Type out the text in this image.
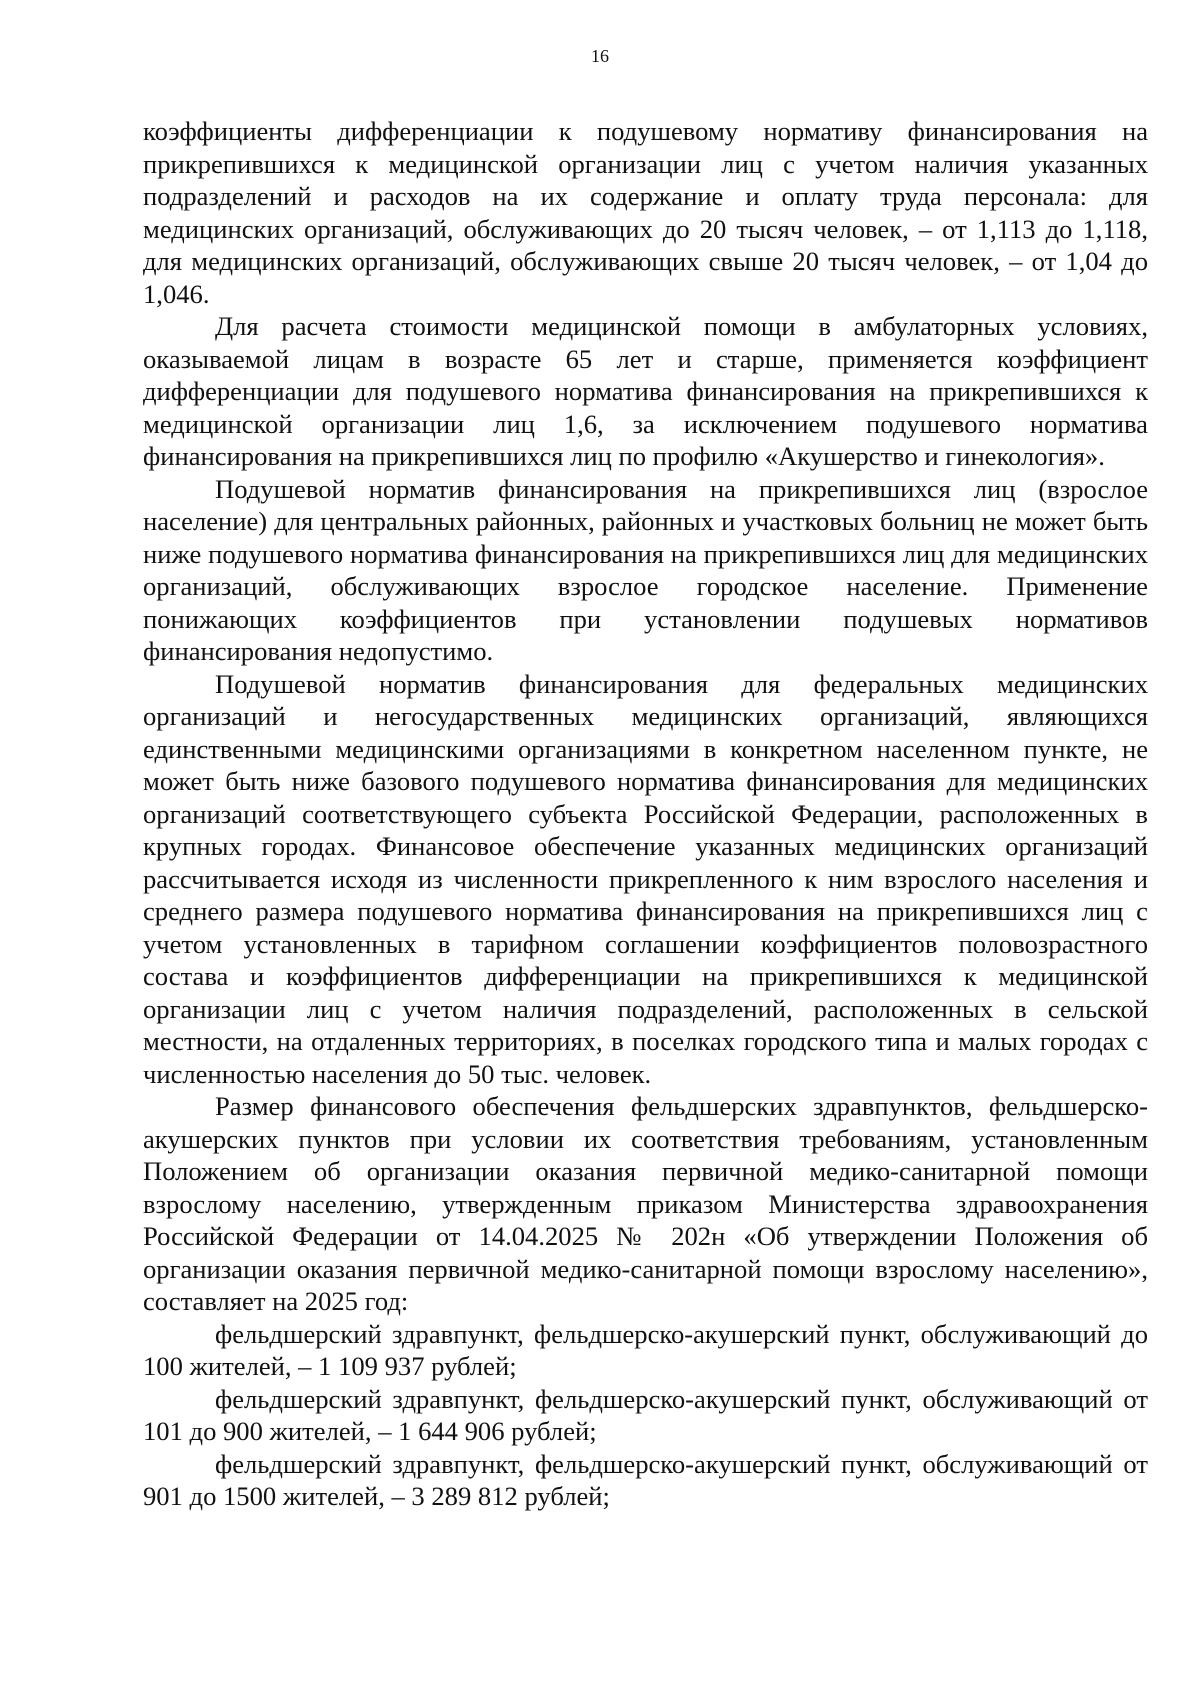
16

коэффициенты дифференциации к подушевому нормативу финансирования на прикрепившихся к медицинской организации лиц с учетом наличия указанных подразделений и расходов на их содержание и оплату труда персонала: для медицинских организаций, обслуживающих до 20 тысяч человек, – от 1,113 до 1,118, для медицинских организаций, обслуживающих свыше 20 тысяч человек, – от 1,04 до 1,046.

Для расчета стоимости медицинской помощи в амбулаторных условиях, оказываемой лицам в возрасте 65 лет и старше, применяется коэффициент дифференциации для подушевого норматива финансирования на прикрепившихся к медицинской организации лиц 1,6, за исключением подушевого норматива финансирования на прикрепившихся лиц по профилю «Акушерство и гинекология».

Подушевой норматив финансирования на прикрепившихся лиц (взрослое население) для центральных районных, районных и участковых больниц не может быть ниже подушевого норматива финансирования на прикрепившихся лиц для медицинских организаций, обслуживающих взрослое городское население. Применение понижающих коэффициентов при установлении подушевых нормативов финансирования недопустимо.

Подушевой норматив финансирования для федеральных медицинских организаций и негосударственных медицинских организаций, являющихся единственными медицинскими организациями в конкретном населенном пункте, не может быть ниже базового подушевого норматива финансирования для медицинских организаций соответствующего субъекта Российской Федерации, расположенных в крупных городах. Финансовое обеспечение указанных медицинских организаций рассчитывается исходя из численности прикрепленного к ним взрослого населения и среднего размера подушевого норматива финансирования на прикрепившихся лиц с учетом установленных в тарифном соглашении коэффициентов половозрастного состава и коэффициентов дифференциации на прикрепившихся к медицинской организации лиц с учетом наличия подразделений, расположенных в сельской местности, на отдаленных территориях, в поселках городского типа и малых городах с численностью населения до 50 тыс. человек.

Размер финансового обеспечения фельдшерских здравпунктов, фельдшерско-акушерских пунктов при условии их соответствия требованиям, установленным Положением об организации оказания первичной медико-санитарной помощи взрослому населению, утвержденным приказом Министерства здравоохранения Российской Федерации от 14.04.2025 № 202н «Об утверждении Положения об организации оказания первичной медико-санитарной помощи взрослому населению», составляет на 2025 год:

фельдшерский здравпункт, фельдшерско-акушерский пункт, обслуживающий до 100 жителей, – 1 109 937 рублей;

фельдшерский здравпункт, фельдшерско-акушерский пункт, обслуживающий от 101 до 900 жителей, – 1 644 906 рублей;

фельдшерский здравпункт, фельдшерско-акушерский пункт, обслуживающий от 901 до 1500 жителей, – 3 289 812 рублей;
